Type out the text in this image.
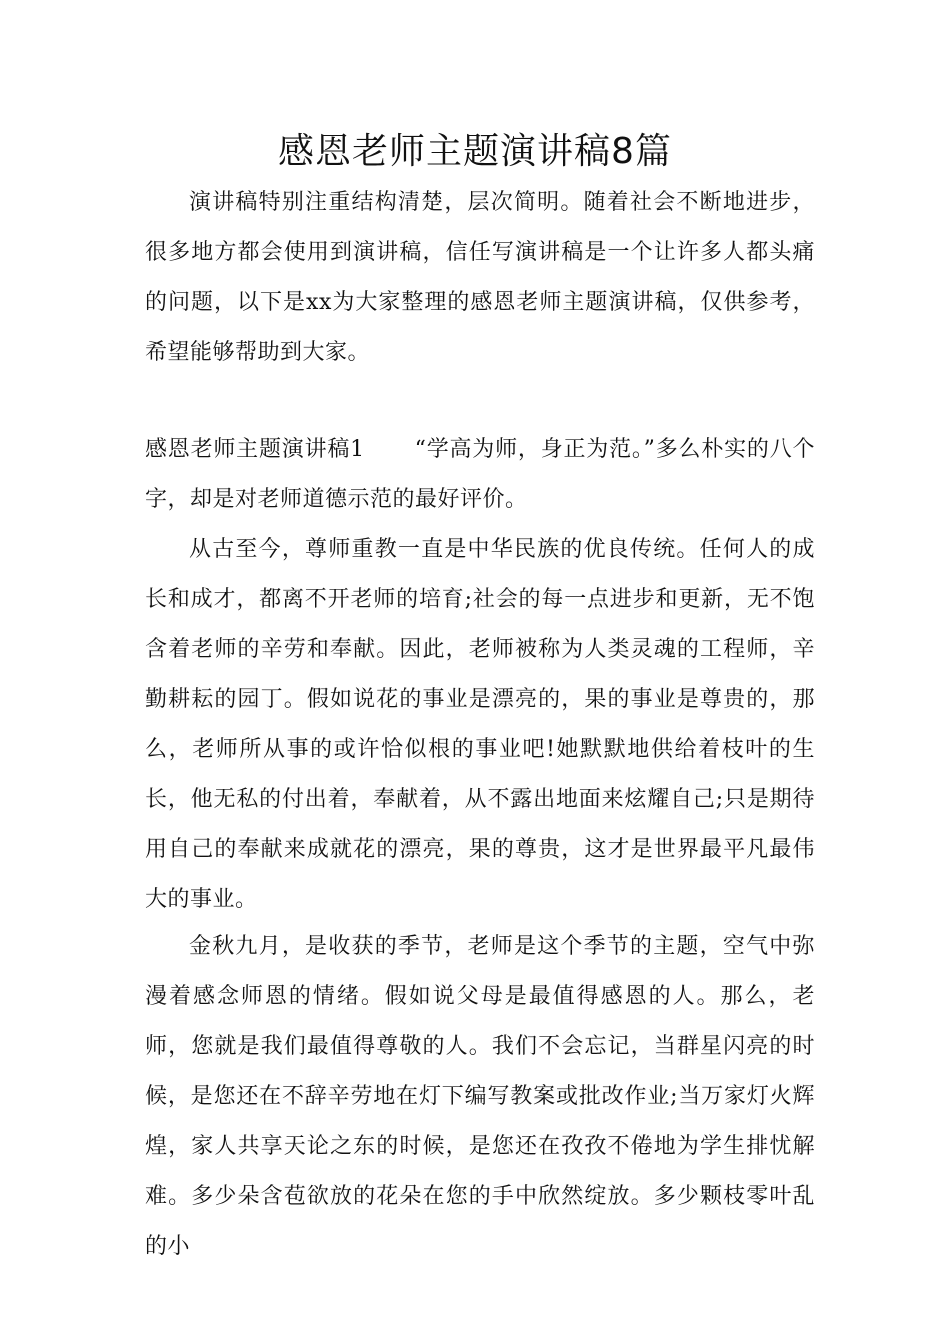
感恩老师主题演讲稿8篇
演讲稿特别注重结构清楚，层次简明。随着社会不断地进步，很多地方都会使用到演讲稿，信任写演讲稿是一个让许多人都头痛的问题，以下是xx为大家整理的感恩老师主题演讲稿，仅供参考，希望能够帮助到大家。
感恩老师主题演讲稿1 “学高为师，身正为范。”多么朴实的八个字，却是对老师道德示范的最好评价。
从古至今，尊师重教一直是中华民族的优良传统。任何人的成长和成才，都离不开老师的培育;社会的每一点进步和更新，无不饱含着老师的辛劳和奉献。因此，老师被称为人类灵魂的工程师，辛勤耕耘的园丁。假如说花的事业是漂亮的，果的事业是尊贵的，那么，老师所从事的或许恰似根的事业吧!她默默地供给着枝叶的生长，他无私的付出着，奉献着，从不露出地面来炫耀自己;只是期待用自己的奉献来成就花的漂亮，果的尊贵，这才是世界最平凡最伟大的事业。
金秋九月，是收获的季节，老师是这个季节的主题，空气中弥漫着感念师恩的情绪。假如说父母是最值得感恩的人。那么，老师，您就是我们最值得尊敬的人。我们不会忘记，当群星闪亮的时候，是您还在不辞辛劳地在灯下编写教案或批改作业;当万家灯火辉煌，家人共享天论之东的时候，是您还在孜孜不倦地为学生排忧解难。多少朵含苞欲放的花朵在您的手中欣然绽放。多少颗枝零叶乱的小
